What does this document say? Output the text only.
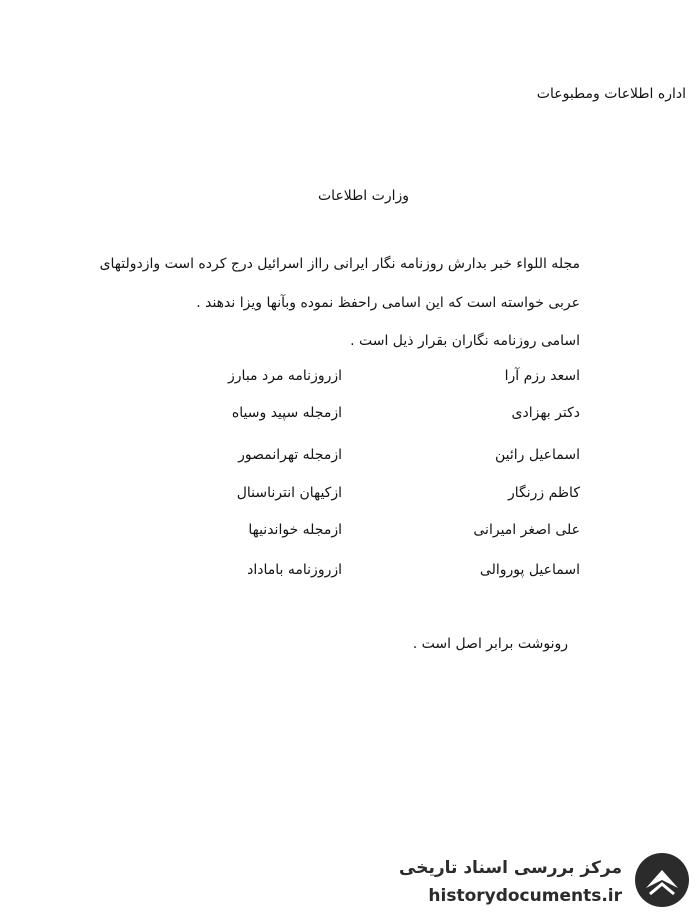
اداره اطلاعات ومطبوعات
وزارت اطلاعات
مجله اللواء خبر بدارش روزنامه نگار ایرانی رااز اسرائیل درج کرده است وازدولتهای
عربی خواسته است که این اسامی راحفظ نموده وبآنها ویزا ندهند .
اسامی روزنامه نگاران بقرار ذیل است .
اسعد رزم آرا
ازروزنامه مرد مبارز
دکتر بهزادی
ازمجله سپید وسیاه
اسماعیل رائین
ازمجله تهرانمصور
کاظم زرنگار
ازکیهان انترناسنال
علی اصغر امیرانی
ازمجله خواندنیها
اسماعیل پوروالی
ازروزنامه باماداد
رونوشت برابر اصل است .
مرکز بررسی اسناد تاریخی
historydocuments.ir
